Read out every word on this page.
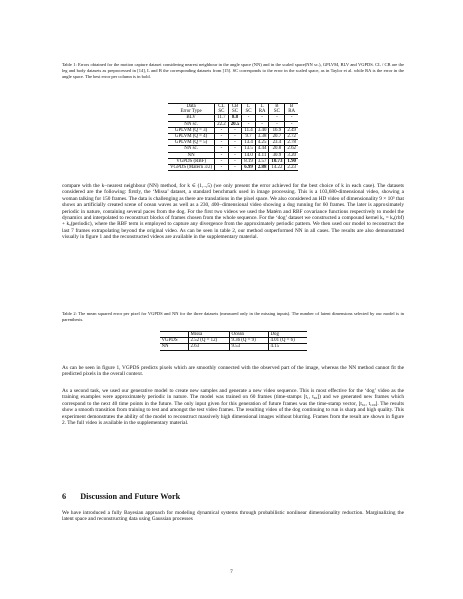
Table 1: Errors obtained for the motion capture dataset considering nearest neighbour in the angle space (NN) and in the scaled space(NN sc.), GPLVM, BLV and VGPDS. CL / CB are the leg and body datasets as preprocessed in [14], L and B the corresponding datasets from [15]. SC corresponds to the error in the scaled space, as in Taylor et al. while RA is the error in the angle space. The best error per column is in bold.

Data	CL	CB	L	L	B	B
Error Type	SC	SC	SC	RA	SC	RA
BLV	11.7	8.8	-	-	-	-
NN sc.	22.2	20.5	-	-	-	-
GPLVM (Q = 3)	-	-	11.4	3.40	16.9	2.49
GPLVM (Q = 4)	-	-	9.7	3.38	20.7	2.72
GPLVM (Q = 5)	-	-	13.4	4.25	23.4	2.78
NN sc.	-	-	13.5	4.44	20.8	2.62
NN	-	-	14.0	4.11	30.9	3.20
VGPDS (RBF)	-	-	8.19	3.57	10.73	1.90
VGPDS (Matérn 3/2)	-	-	6.99	2.88	14.22	2.23

compare with the k−nearest neighbour (NN) method, for k ∈ (1,..,5) (we only present the error achieved for the best choice of k in each case). The datasets considered are the following: firstly, the ‘Missa’ dataset, a standard benchmark used in image processing. This is a 103,680-dimensional video, showing a woman talking for 150 frames. The data is challenging as there are translations in the pixel space. We also considered an HD video of dimensionality 9 × 10⁵ that shows an artificially created scene of ocean waves as well as a 230, 400−dimensional video showing a dog running for 60 frames. The later is approximately periodic in nature, containing several paces from the dog. For the first two videos we used the Matérn and RBF covariance functions respectively to model the dynamics and interpolated to reconstruct blocks of frames chosen from the whole sequence. For the ‘dog’ dataset we constructed a compound kernel kₓ = kₓ(rbf) + kₓ(periodic), where the RBF term is employed to capture any divergence from the approximately periodic pattern. We then used our model to reconstruct the last 7 frames extrapolating beyond the original video. As can be seen in table 2, our method outperformed NN in all cases. The results are also demonstrated visually in figure 1 and the reconstructed videos are available in the supplementary material.

Table 2: The mean squared error per pixel for VGPDS and NN for the three datasets (measured only in the missing inputs). The number of latent dimensions selected by our model is in parenthesis.

	Missa	Ocean	Dog
VGPDS	2.52 (Q = 12)	9.36 (Q = 9)	4.01 (Q = 6)
NN	2.63	9.53	4.15

As can be seen in figure 1, VGPDS predicts pixels which are smoothly connected with the observed part of the image, whereas the NN method cannot fit the predicted pixels in the overall context.

As a second task, we used our generative model to create new samples and generate a new video sequence. This is most effective for the ‘dog’ video as the training examples were approximately periodic in nature. The model was trained on 60 frames (time-stamps [t₁, t₆₀]) and we generated new frames which correspond to the next 40 time points in the future. The only input given for this generation of future frames was the time-stamp vector, [t₆₁, t₁₀₀]. The results show a smooth transition from training to test and amongst the test video frames. The resulting video of the dog continuing to run is sharp and high quality. This experiment demonstrates the ability of the model to reconstruct massively high dimensional images without blurring. Frames from the result are shown in figure 2. The full video is available in the supplementary material.

6 Discussion and Future Work

We have introduced a fully Bayesian approach for modeling dynamical systems through probabilistic nonlinear dimensionality reduction. Marginalizing the latent space and reconstructing data using Gaussian processes

7
